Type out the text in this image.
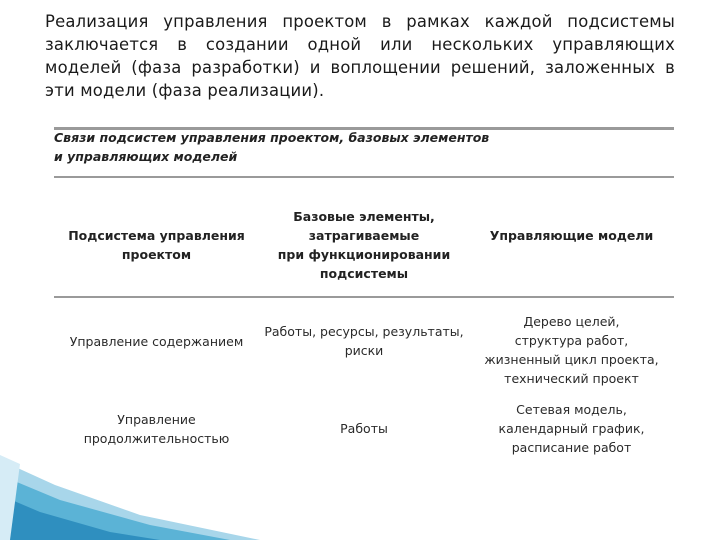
Реализация управления проектом в рамках каждой подсистемы заключается в создании одной или нескольких управляющих моделей (фаза разработки) и воплощении решений, заложенных в эти модели (фаза реализации).
Связи подсистем управления проектом, базовых элементов
и управляющих моделей
Подсистема управления
проектом
Базовые элементы,
затрагиваемые
при функционировании
подсистемы
Управляющие модели
Управление содержанием
Работы, ресурсы, результаты,
риски
Дерево целей,
структура работ,
жизненный цикл проекта,
технический проект
Управление
продолжительностью
Работы
Сетевая модель,
календарный график,
расписание работ
